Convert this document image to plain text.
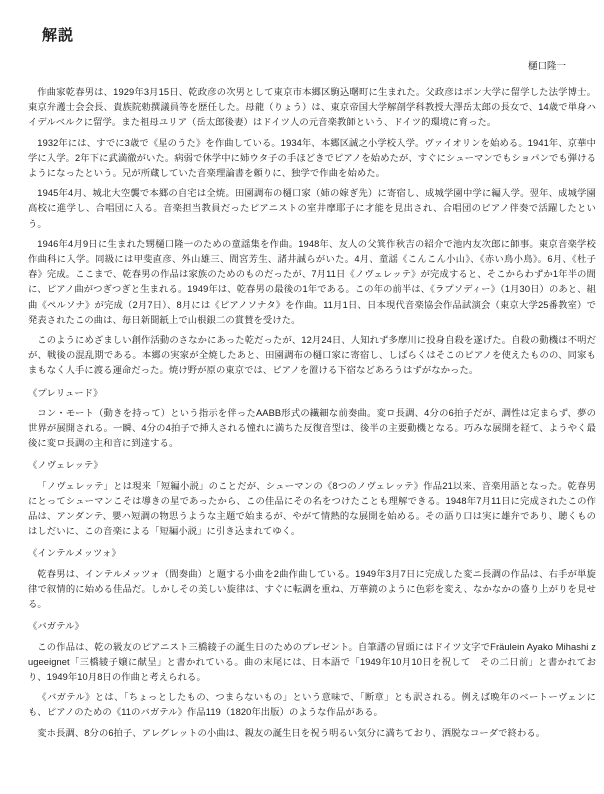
解説
樋口隆一

作曲家乾春男は、1929年3月15日、乾政彦の次男として東京市本郷区駒込曙町に生まれた。父政彦はボン大学に留学した法学博士。東京弁護士会会長、貴族院勅撰議員等を歴任した。母龍（りょう）は、東京帝国大学解剖学科教授大澤岳太郎の長女で、14歳で単身ハイデルベルクに留学。また祖母ユリア（岳太郎後妻）はドイツ人の元音楽教師という、ドイツ的環境に育った。

1932年には、すでに3歳で《星のうた》を作曲している。1934年、本郷区誠之小学校入学。ヴァイオリンを始める。1941年、京華中学に入学。2年下に武満徹がいた。病弱で休学中に姉ウタ子の手ほどきでピアノを始めたが、すぐにシューマンでもショパンでも弾けるようになったという。兄が所蔵していた音楽理論書を頼りに、独学で作曲を始めた。

1945年4月、城北大空襲で本郷の自宅は全焼。田園調布の樋口家（姉の嫁ぎ先）に寄宿し、成城学園中学に編入学。翌年、成城学園高校に進学し、合唱団に入る。音楽担当教員だったピアニストの室井摩耶子に才能を見出され、合唱団のピアノ伴奏で活躍したという。

1946年4月9日に生まれた甥樋口隆一のための童謡集を作曲。1948年、友人の父箕作秋吉の紹介で池内友次郎に師事。東京音楽学校作曲科に入学。同級には甲斐直彦、外山雄三、間宮芳生、諸井誠らがいた。4月、童謡《こんこん小山》、《赤い鳥小鳥》。6月、《杜子春》完成。ここまで、乾春男の作品は家族のためのものだったが、7月11日《ノヴェレッテ》が完成すると、そこからわずか1年半の間に、ピアノ曲がつぎつぎと生まれる。1949年は、乾春男の最後の1年である。この年の前半は、《ラプソディー》（1月30日）のあと、組曲《ペルソナ》が完成（2月7日）、8月には《ピアノソナタ》を作曲。11月1日、日本現代音楽協会作品試演会（東京大学25番教室）で発表されたこの曲は、毎日新聞紙上で山根銀二の賞賛を受けた。

このようにめざましい創作活動のさなかにあった乾だったが、12月24日、人知れず多摩川に投身自殺を遂げた。自殺の動機は不明だが、戦後の混乱期である。本郷の実家が全焼したあと、田園調布の樋口家に寄宿し、しばらくはそこのピアノを使えたものの、同家もまもなく人手に渡る運命だった。焼け野が原の東京では、ピアノを置ける下宿などあろうはずがなかった。

《プレリュード》

コン・モート（動きを持って）という指示を伴ったAABB形式の繊細な前奏曲。変ロ長調、4分の6拍子だが、調性は定まらず、夢の世界が展開される。一瞬、4分の4拍子で挿入される憧れに満ちた反復音型は、後半の主要動機となる。巧みな展開を経て、ようやく最後に変ロ長調の主和音に到達する。

《ノヴェレッテ》

「ノヴェレッテ」とは現来「短編小説」のことだが、シューマンの《8つのノヴェレッテ》作品21以来、音楽用語となった。乾春男にとってシューマンこそは導きの星であったから、この佳品にその名をつけたことも理解できる。1948年7月11日に完成されたこの作品は、アンダンテ、嬰ハ短調の物思うような主題で始まるが、やがて情熱的な展開を始める。その語り口は実に雄弁であり、聴くものはしだいに、この音楽による「短編小説」に引き込まれてゆく。

《インテルメッツォ》

乾春男は、インテルメッツォ（間奏曲）と題する小曲を2曲作曲している。1949年3月7日に完成した変ニ長調の作品は、右手が単旋律で叙情的に始める佳品だ。しかしその美しい旋律は、すぐに転調を重ね、万華鏡のように色彩を変え、なかなかの盛り上がりを見せる。

《バガテル》

この作品は、乾の級友のピアニスト三橋綾子の誕生日のためのプレゼント。自筆譜の冒頭にはドイツ文字でFräulein Ayako Mihashi zugeeignet「三橋綾子嬢に献呈」と書かれている。曲の末尾には、日本語で「1949年10月10日を祝して　その二日前」と書かれており、1949年10月8日の作曲と考えられる。

《バガテル》とは、「ちょっとしたもの、つまらないもの」という意味で、「断章」とも訳される。例えば晩年のベートーヴェンにも、ピアノのための《11のバガテル》作品119（1820年出版）のような作品がある。

変ホ長調、8分の6拍子、アレグレットの小曲は、親友の誕生日を祝う明るい気分に満ちており、洒脱なコーダで終わる。
